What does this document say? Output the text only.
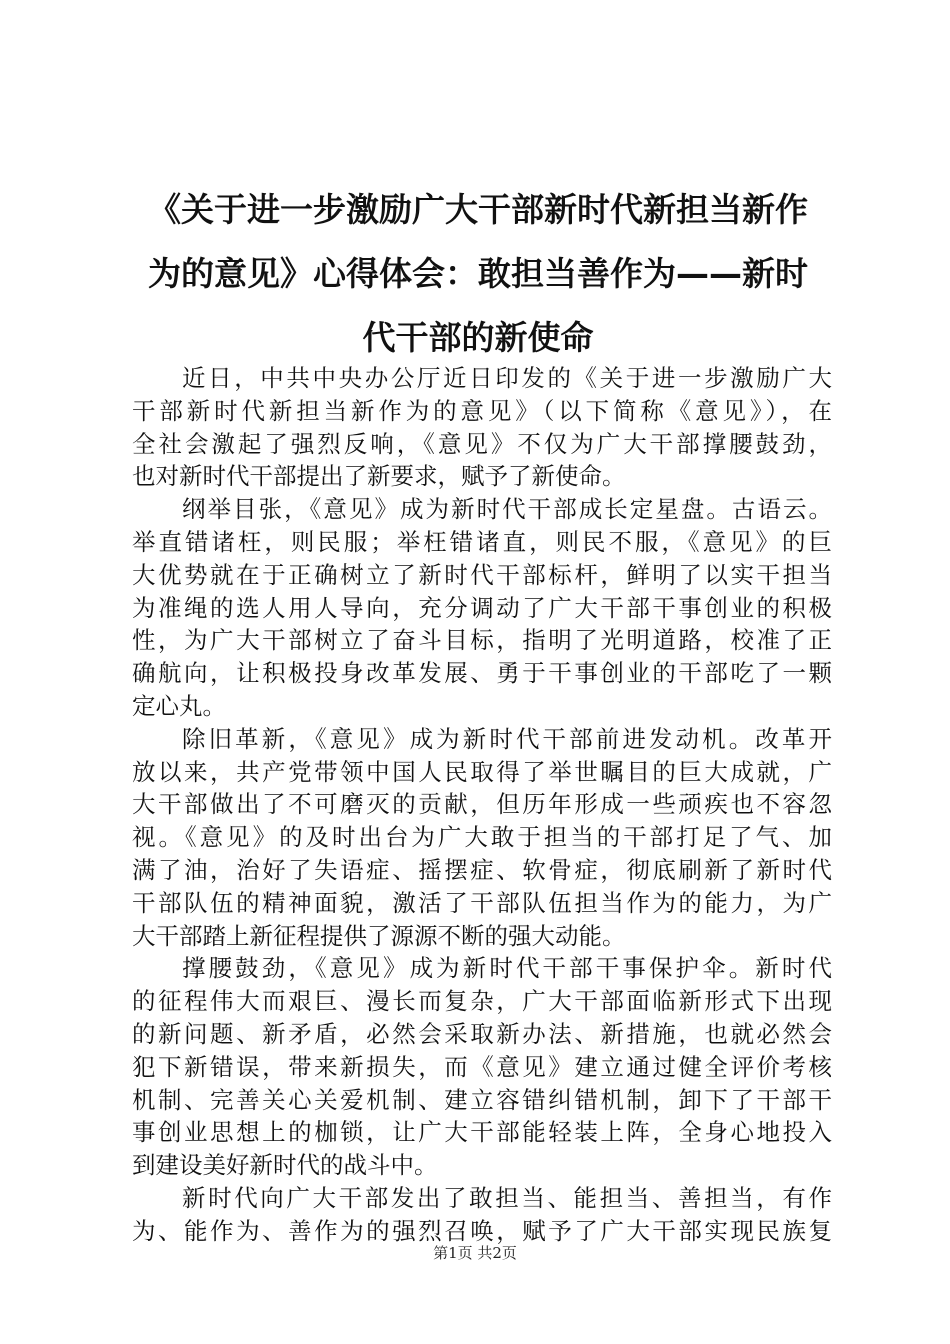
《关于进一步激励广大干部新时代新担当新作
为的意见》心得体会：敢担当善作为——新时
代干部的新使命
近日，中共中央办公厅近日印发的《关于进一步激励广大
干部新时代新担当新作为的意见》（以下简称《意见》），在
全社会激起了强烈反响，《意见》不仅为广大干部撑腰鼓劲，
也对新时代干部提出了新要求，赋予了新使命。
纲举目张，《意见》成为新时代干部成长定星盘。古语云。
举直错诸枉，则民服；举枉错诸直，则民不服，《意见》的巨
大优势就在于正确树立了新时代干部标杆，鲜明了以实干担当
为准绳的选人用人导向，充分调动了广大干部干事创业的积极
性，为广大干部树立了奋斗目标，指明了光明道路，校准了正
确航向，让积极投身改革发展、勇于干事创业的干部吃了一颗
定心丸。
除旧革新，《意见》成为新时代干部前进发动机。改革开
放以来，共产党带领中国人民取得了举世瞩目的巨大成就，广
大干部做出了不可磨灭的贡献，但历年形成一些顽疾也不容忽
视。《意见》的及时出台为广大敢于担当的干部打足了气、加
满了油，治好了失语症、摇摆症、软骨症，彻底刷新了新时代
干部队伍的精神面貌，激活了干部队伍担当作为的能力，为广
大干部踏上新征程提供了源源不断的强大动能。
撑腰鼓劲，《意见》成为新时代干部干事保护伞。新时代
的征程伟大而艰巨、漫长而复杂，广大干部面临新形式下出现
的新问题、新矛盾，必然会采取新办法、新措施，也就必然会
犯下新错误，带来新损失，而《意见》建立通过健全评价考核
机制、完善关心关爱机制、建立容错纠错机制，卸下了干部干
事创业思想上的枷锁，让广大干部能轻装上阵，全身心地投入
到建设美好新时代的战斗中。
新时代向广大干部发出了敢担当、能担当、善担当，有作
为、能作为、善作为的强烈召唤，赋予了广大干部实现民族复
第1页 共2页
